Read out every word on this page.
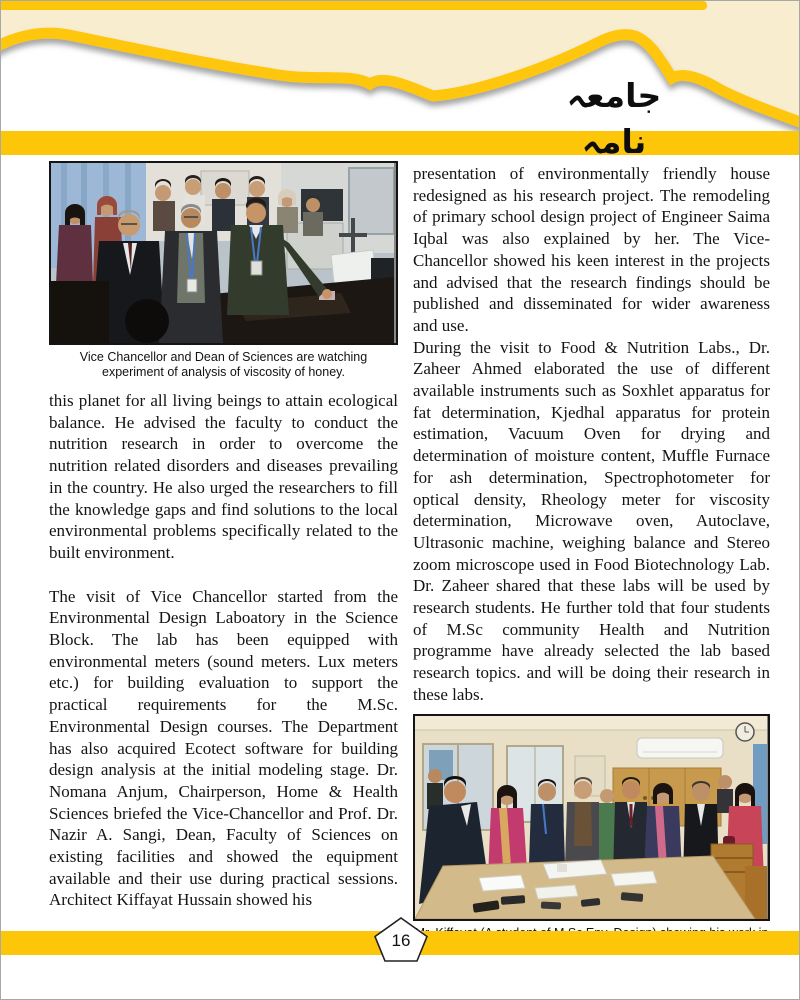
جامعہ نامہ
Vice Chancellor and Dean of Sciences are watching experiment of analysis of viscosity of honey.

this planet for all living beings to attain ecological balance. He advised the faculty to conduct the nutrition research in order to overcome the nutrition related disorders and diseases prevailing in the country. He also urged the researchers to fill the knowledge gaps and find solutions to the local environmental problems specifically related to the built environment.

The visit of Vice Chancellor started from the Environmental Design Laboatory in the Science Block. The lab has been equipped with environmental meters (sound meters. Lux meters etc.) for building evaluation to support the practical requirements for the M.Sc. Environmental Design courses. The Department has also acquired Ecotect software for building design analysis at the initial modeling stage. Dr. Nomana Anjum, Chairperson, Home & Health Sciences briefed the Vice-Chancellor and Prof. Dr. Nazir A. Sangi, Dean, Faculty of Sciences on existing facilities and showed the equipment available and their use during practical sessions. Architect Kiffayat Hussain showed his

presentation of environmentally friendly house redesigned as his research project. The remodeling of primary school design project of Engineer Saima Iqbal was also explained by her. The Vice-Chancellor showed his keen interest in the projects and advised that the research findings should be published and disseminated for wider awareness and use.

During the visit to Food & Nutrition Labs., Dr. Zaheer Ahmed elaborated the use of different available instruments such as Soxhlet apparatus for fat determination, Kjedhal apparatus for protein estimation, Vacuum Oven for drying and determination of moisture content, Muffle Furnace for ash determination, Spectrophotometer for optical density, Rheology meter for viscosity determination, Microwave oven, Autoclave, Ultrasonic machine, weighing balance and Stereo zoom microscope used in Food Biotechnology Lab. Dr. Zaheer shared that these labs will be used by research students. He further told that four students of M.Sc community Health and Nutrition programme have already selected the lab based research topics. and will be doing their research in these labs.

16
